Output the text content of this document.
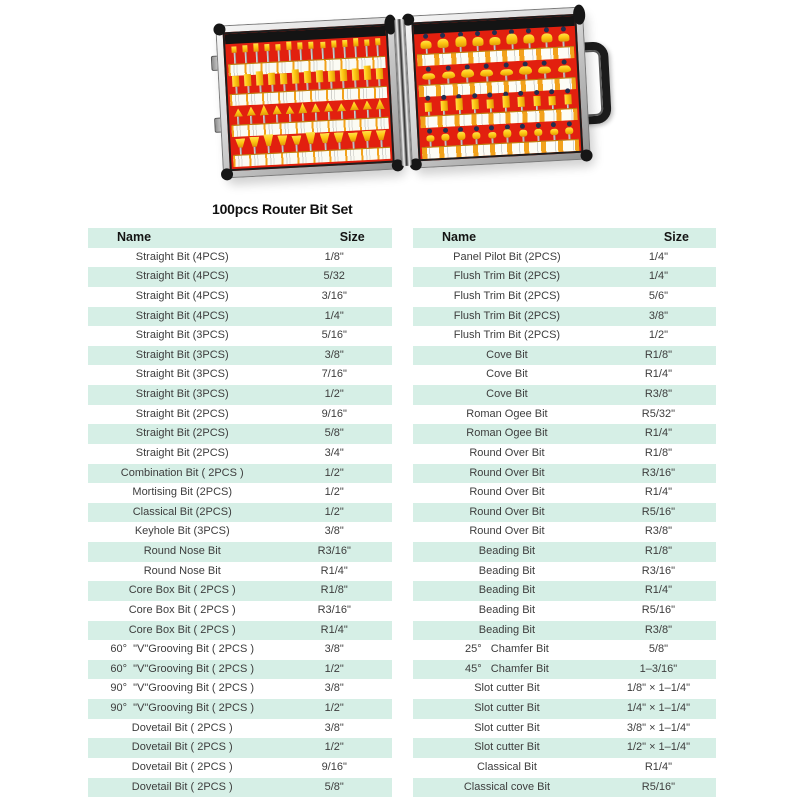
100pcs Router Bit Set
Name	Size
Straight Bit (4PCS)	1/8"
Straight Bit (4PCS)	5/32
Straight Bit (4PCS)	3/16"
Straight Bit (4PCS)	1/4"
Straight Bit (3PCS)	5/16"
Straight Bit (3PCS)	3/8"
Straight Bit (3PCS)	7/16"
Straight Bit (3PCS)	1/2"
Straight Bit (2PCS)	9/16"
Straight Bit (2PCS)	5/8"
Straight Bit (2PCS)	3/4"
Combination Bit ( 2PCS )	1/2"
Mortising Bit (2PCS)	1/2"
Classical Bit (2PCS)	1/2"
Keyhole Bit (3PCS)	3/8"
Round Nose Bit	R3/16"
Round Nose Bit	R1/4"
Core Box Bit ( 2PCS )	R1/8"
Core Box Bit ( 2PCS )	R3/16"
Core Box Bit ( 2PCS )	R1/4"
60°  "V"Grooving Bit ( 2PCS )	3/8"
60°  "V"Grooving Bit ( 2PCS )	1/2"
90°  "V"Grooving Bit ( 2PCS )	3/8"
90°  "V"Grooving Bit ( 2PCS )	1/2"
Dovetail Bit ( 2PCS )	3/8"
Dovetail Bit ( 2PCS )	1/2"
Dovetail Bit ( 2PCS )	9/16"
Dovetail Bit ( 2PCS )	5/8"
Name	Size
Panel Pilot Bit (2PCS)	1/4"
Flush Trim Bit (2PCS)	1/4"
Flush Trim Bit (2PCS)	5/6"
Flush Trim Bit (2PCS)	3/8"
Flush Trim Bit (2PCS)	1/2"
Cove Bit	R1/8"
Cove Bit	R1/4"
Cove Bit	R3/8"
Roman Ogee Bit	R5/32"
Roman Ogee Bit	R1/4"
Round Over Bit	R1/8"
Round Over Bit	R3/16"
Round Over Bit	R1/4"
Round Over Bit	R5/16"
Round Over Bit	R3/8"
Beading Bit	R1/8"
Beading Bit	R3/16"
Beading Bit	R1/4"
Beading Bit	R5/16"
Beading Bit	R3/8"
25°   Chamfer Bit	5/8"
45°   Chamfer Bit	1–3/16"
Slot cutter Bit	1/8" × 1–1/4"
Slot cutter Bit	1/4" × 1–1/4"
Slot cutter Bit	3/8" × 1–1/4"
Slot cutter Bit	1/2" × 1–1/4"
Classical Bit	R1/4"
Classical cove Bit	R5/16"
